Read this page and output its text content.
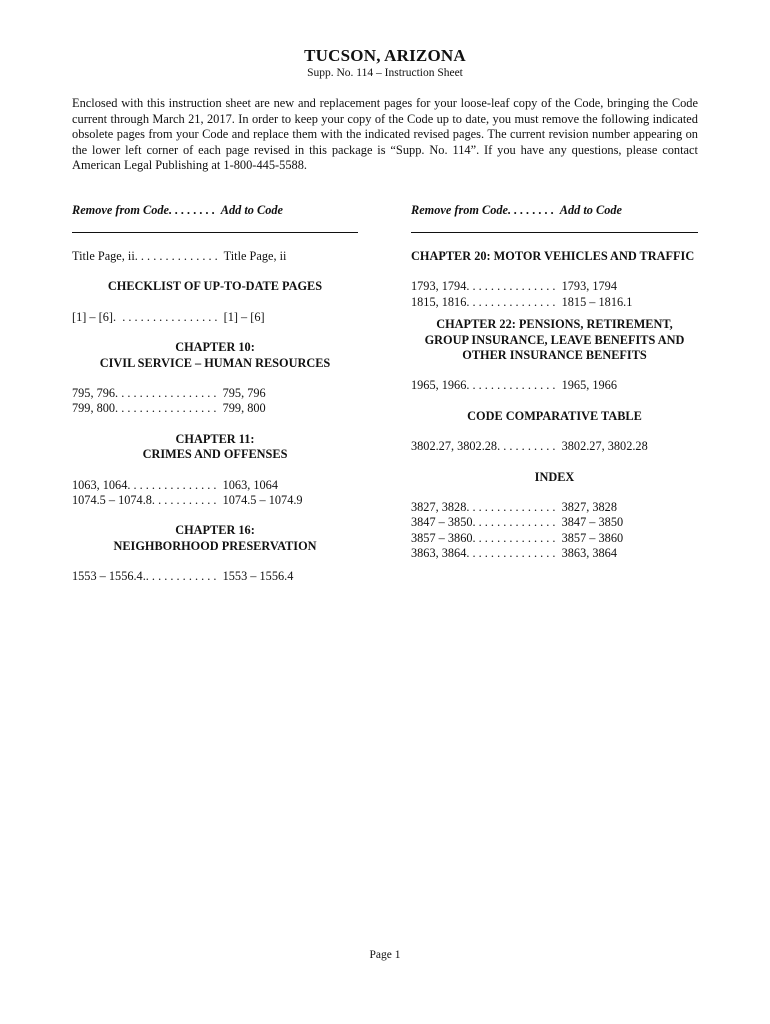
TUCSON, ARIZONA
Supp. No. 114 – Instruction Sheet
Enclosed with this instruction sheet are new and replacement pages for your loose-leaf copy of the Code, bringing the Code current through March 21, 2017. In order to keep your copy of the Code up to date, you must remove the following indicated obsolete pages from your Code and replace them with the indicated revised pages. The current revision number appearing on the lower left corner of each page revised in this package is “Supp. No. 114”. If you have any questions, please contact American Legal Publishing at 1-800-445-5588.
Remove from Code. . . . . . . .  Add to Code
Title Page, ii. . . . . . . . . . . . . .  Title Page, ii
CHECKLIST OF UP-TO-DATE PAGES
[1] – [6].  . . . . . . . . . . . . . . . .  [1] – [6]
CHAPTER 10:
CIVIL SERVICE – HUMAN RESOURCES
795, 796. . . . . . . . . . . . . . . . .  795, 796
799, 800. . . . . . . . . . . . . . . . .  799, 800
CHAPTER 11:
CRIMES AND OFFENSES
1063, 1064. . . . . . . . . . . . . . .  1063, 1064
1074.5 – 1074.8. . . . . . . . . . .  1074.5 – 1074.9
CHAPTER 16:
NEIGHBORHOOD PRESERVATION
1553 – 1556.4.. . . . . . . . . . . .  1553 – 1556.4
Remove from Code. . . . . . . .  Add to Code
CHAPTER 20: MOTOR VEHICLES AND TRAFFIC
1793, 1794. . . . . . . . . . . . . . .  1793, 1794
1815, 1816. . . . . . . . . . . . . . .  1815 – 1816.1
CHAPTER 22: PENSIONS, RETIREMENT,
GROUP INSURANCE, LEAVE BENEFITS AND
OTHER INSURANCE BENEFITS
1965, 1966. . . . . . . . . . . . . . .  1965, 1966
CODE COMPARATIVE TABLE
3802.27, 3802.28. . . . . . . . . .  3802.27, 3802.28
INDEX
3827, 3828. . . . . . . . . . . . . . .  3827, 3828
3847 – 3850. . . . . . . . . . . . . .  3847 – 3850
3857 – 3860. . . . . . . . . . . . . .  3857 – 3860
3863, 3864. . . . . . . . . . . . . . .  3863, 3864
Page 1
